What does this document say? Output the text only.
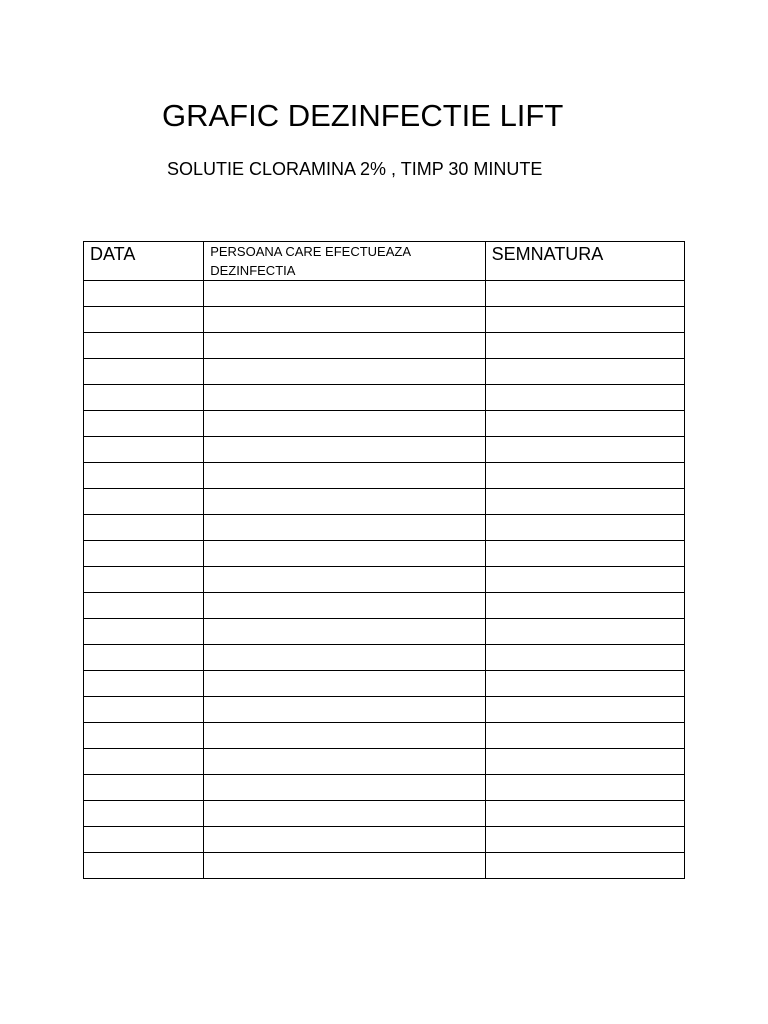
GRAFIC DEZINFECTIE LIFT

SOLUTIE CLORAMINA 2% , TIMP 30 MINUTE

DATA	PERSOANA CARE EFECTUEAZA DEZINFECTIA	SEMNATURA
